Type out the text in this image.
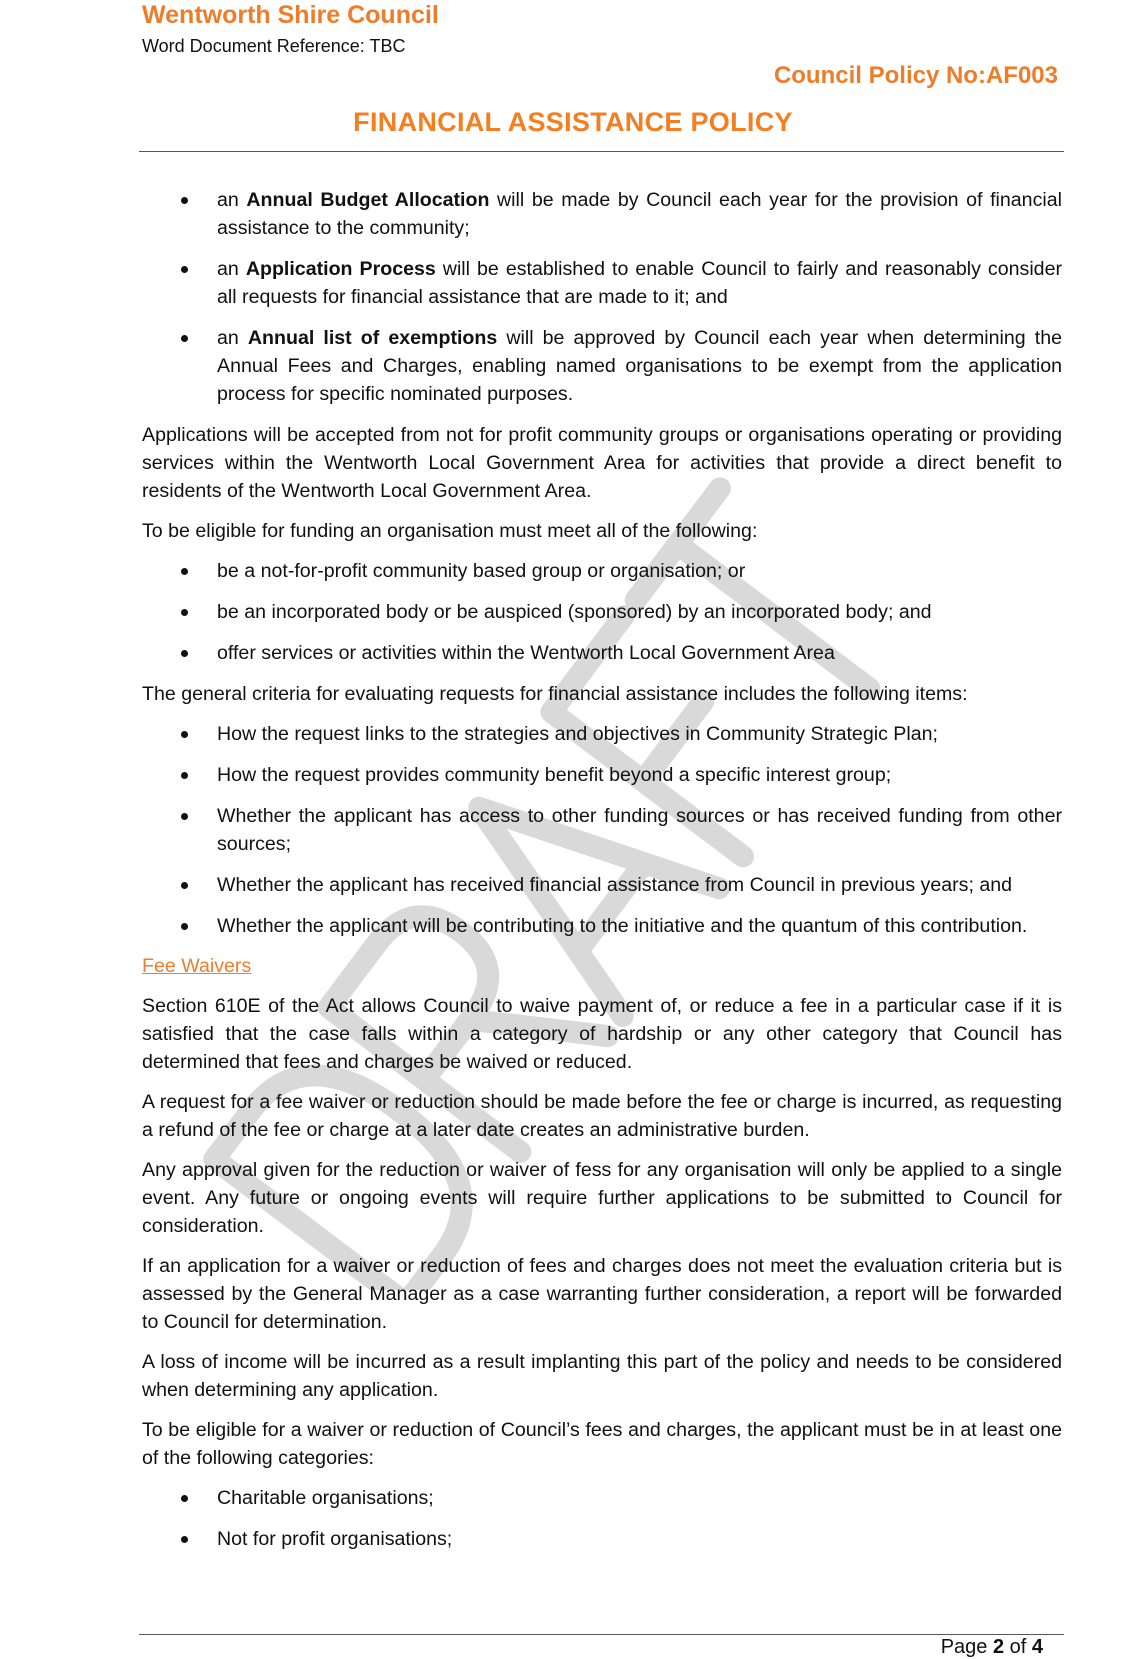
Wentworth Shire Council
Word Document Reference: TBC
Council Policy No:AF003
FINANCIAL ASSISTANCE POLICY
an Annual Budget Allocation will be made by Council each year for the provision of financial assistance to the community;
an Application Process will be established to enable Council to fairly and reasonably consider all requests for financial assistance that are made to it; and
an Annual list of exemptions will be approved by Council each year when determining the Annual Fees and Charges, enabling named organisations to be exempt from the application process for specific nominated purposes.

Applications will be accepted from not for profit community groups or organisations operating or providing services within the Wentworth Local Government Area for activities that provide a direct benefit to residents of the Wentworth Local Government Area.

To be eligible for funding an organisation must meet all of the following:

be a not-for-profit community based group or organisation; or
be an incorporated body or be auspiced (sponsored) by an incorporated body; and
offer services or activities within the Wentworth Local Government Area

The general criteria for evaluating requests for financial assistance includes the following items:

How the request links to the strategies and objectives in Community Strategic Plan;
How the request provides community benefit beyond a specific interest group;
Whether the applicant has access to other funding sources or has received funding from other sources;
Whether the applicant has received financial assistance from Council in previous years; and
Whether the applicant will be contributing to the initiative and the quantum of this contribution.
Fee Waivers

Section 610E of the Act allows Council to waive payment of, or reduce a fee in a particular case if it is satisfied that the case falls within a category of hardship or any other category that Council has determined that fees and charges be waived or reduced.

A request for a fee waiver or reduction should be made before the fee or charge is incurred, as requesting a refund of the fee or charge at a later date creates an administrative burden.

Any approval given for the reduction or waiver of fess for any organisation will only be applied to a single event. Any future or ongoing events will require further applications to be submitted to Council for consideration.

If an application for a waiver or reduction of fees and charges does not meet the evaluation criteria but is assessed by the General Manager as a case warranting further consideration, a report will be forwarded to Council for determination.

A loss of income will be incurred as a result implanting this part of the policy and needs to be considered when determining any application.

To be eligible for a waiver or reduction of Council’s fees and charges, the applicant must be in at least one of the following categories:

Charitable organisations;
Not for profit organisations;
Page 2 of 4
